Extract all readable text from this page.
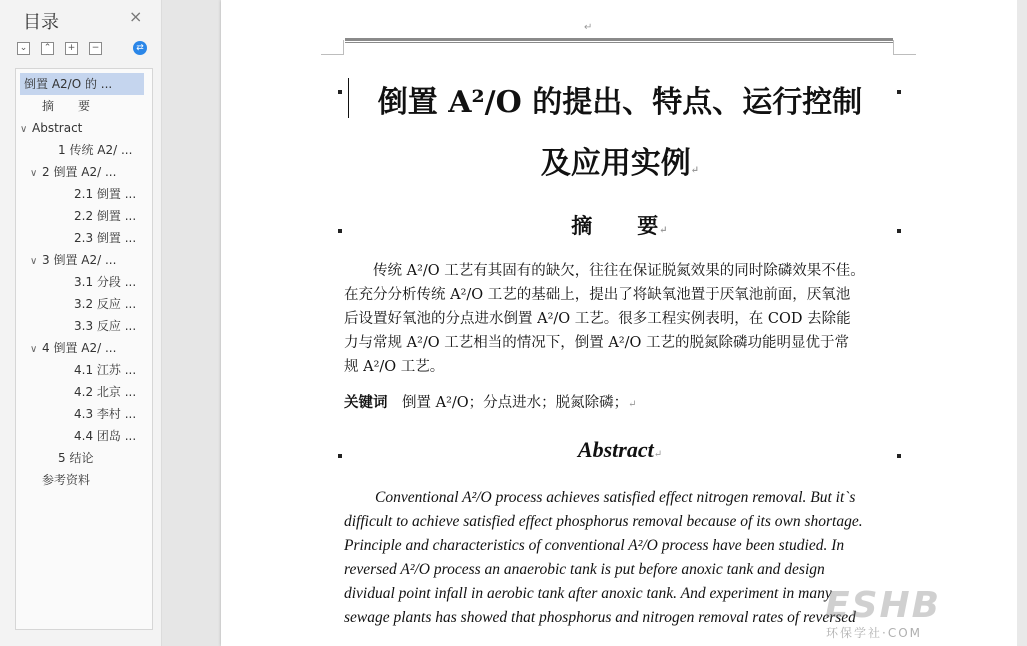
目录	×
⌄	⌃	+	−	⇄
倒置 A2/O 的 ...
摘　　要
∨ Abstract
1 传统 A2/ ...
∨ 2 倒置 A2/ ...
2.1 倒置 ...
2.2 倒置 ...
2.3 倒置 ...
∨ 3 倒置 A2/ ...
3.1 分段 ...
3.2 反应 ...
3.3 反应 ...
∨ 4 倒置 A2/ ...
4.1 江苏 ...
4.2 北京 ...
4.3 李村 ...
4.4 团岛 ...
5 结论
参考资料
↵
倒置 A²/O 的提出、特点、运行控制
及应用实例↵
摘　　要↵
　　传统 A²/O 工艺有其固有的缺欠，往往在保证脱氮效果的同时除磷效果不佳。
在充分分析传统 A²/O 工艺的基础上，提出了将缺氧池置于厌氧池前面，厌氧池
后设置好氧池的分点进水倒置 A²/O 工艺。很多工程实例表明，在 COD 去除能
力与常规 A²/O 工艺相当的情况下，倒置 A²/O 工艺的脱氮除磷功能明显优于常
规 A²/O 工艺。
关键词　倒置 A²/O；分点进水；脱氮除磷；↵
Abstract↵
　　Conventional A²/O process achieves satisfied effect nitrogen removal. But it`s
difficult to achieve satisfied effect phosphorus removal because of its own shortage.
Principle and characteristics of conventional A²/O process have been studied. In
reversed A²/O process an anaerobic tank is put before anoxic tank and design
dividual point infall in aerobic tank after anoxic tank. And experiment in many
sewage plants has showed that phosphorus and nitrogen removal rates of reversed
ESHB
环保学社·COM
